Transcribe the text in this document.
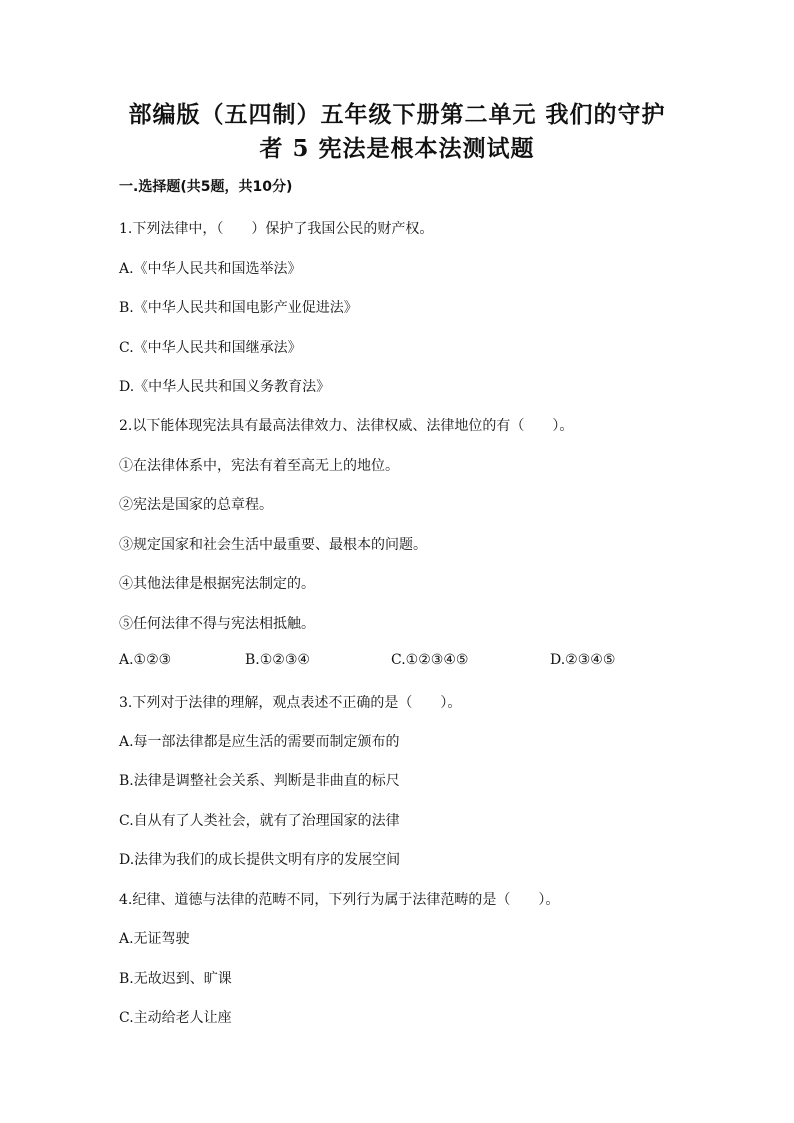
部编版（五四制）五年级下册第二单元 我们的守护
者 5 宪法是根本法测试题
一.选择题(共5题，共10分)
1.下列法律中，（　　）保护了我国公民的财产权。
A.《中华人民共和国选举法》
B.《中华人民共和国电影产业促进法》
C.《中华人民共和国继承法》
D.《中华人民共和国义务教育法》
2.以下能体现宪法具有最高法律效力、法律权威、法律地位的有（　　）。
①在法律体系中，宪法有着至高无上的地位。
②宪法是国家的总章程。
③规定国家和社会生活中最重要、最根本的问题。
④其他法律是根据宪法制定的。
⑤任何法律不得与宪法相抵触。
A.①②③	B.①②③④	C.①②③④⑤	D.②③④⑤
3.下列对于法律的理解，观点表述不正确的是（　　）。
A.每一部法律都是应生活的需要而制定颁布的
B.法律是调整社会关系、判断是非曲直的标尺
C.自从有了人类社会，就有了治理国家的法律
D.法律为我们的成长提供文明有序的发展空间
4.纪律、道德与法律的范畴不同，下列行为属于法律范畴的是（　　）。
A.无证驾驶
B.无故迟到、旷课
C.主动给老人让座
